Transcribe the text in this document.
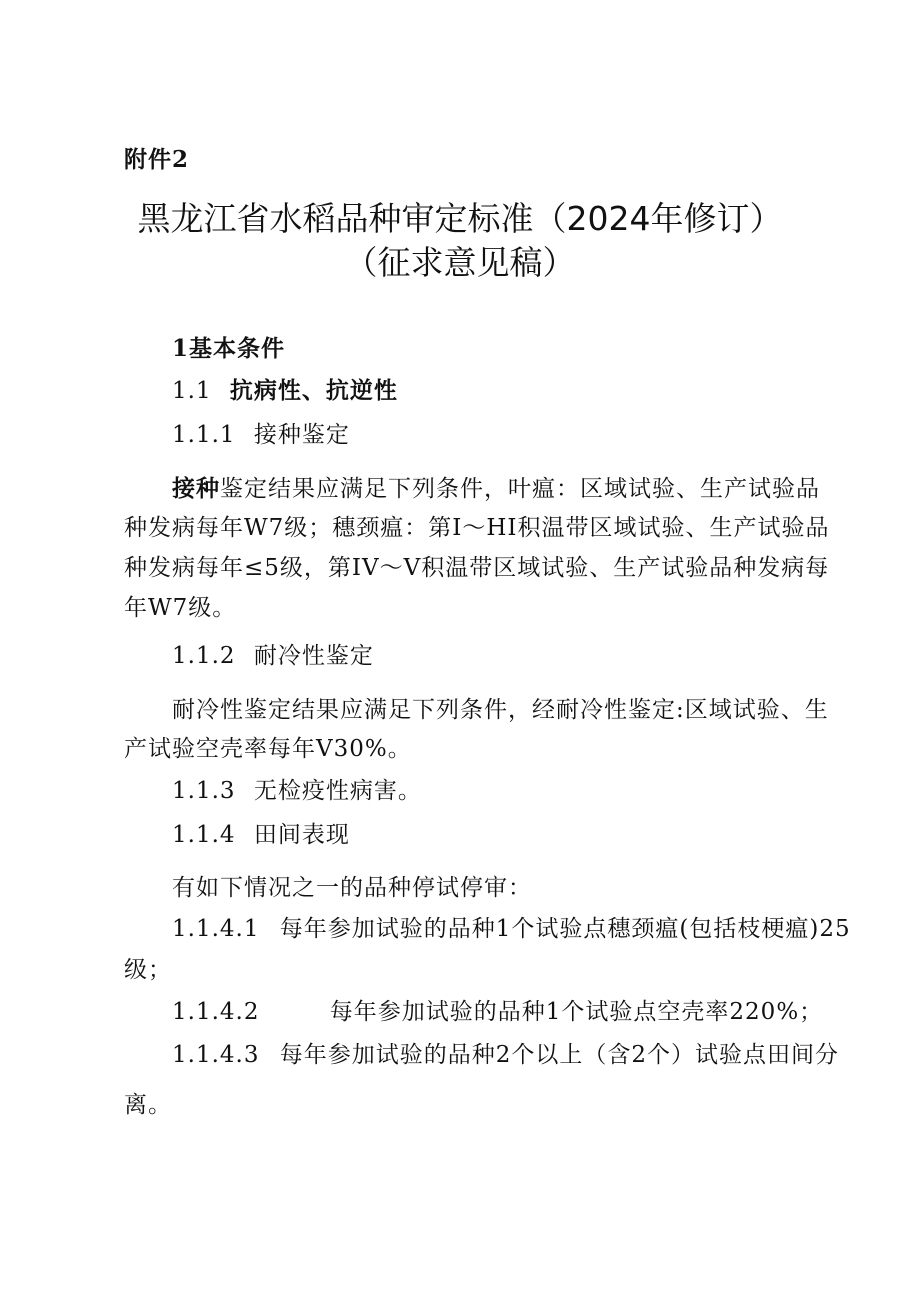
附件2
黑龙江省水稻品种审定标准（2024年修订）
（征求意见稿）
1基本条件
1.1 抗病性、抗逆性
1.1.1 接种鉴定
接种鉴定结果应满足下列条件，叶瘟：区域试验、生产试验品
种发病每年W7级；穗颈瘟：第I〜HI积温带区域试验、生产试验品
种发病每年≤5级，第IV〜V积温带区域试验、生产试验品种发病每
年W7级。
1.1.2 耐冷性鉴定
耐冷性鉴定结果应满足下列条件，经耐冷性鉴定:区域试验、生
产试验空壳率每年V30%。
1.1.3 无检疫性病害。
1.1.4 田间表现
有如下情况之一的品种停试停审：
1.1.4.1 每年参加试验的品种1个试验点穗颈瘟(包括枝梗瘟)25
级；
1.1.4.2	每年参加试验的品种1个试验点空壳率220%；
1.1.4.3 每年参加试验的品种2个以上（含2个）试验点田间分
离。
